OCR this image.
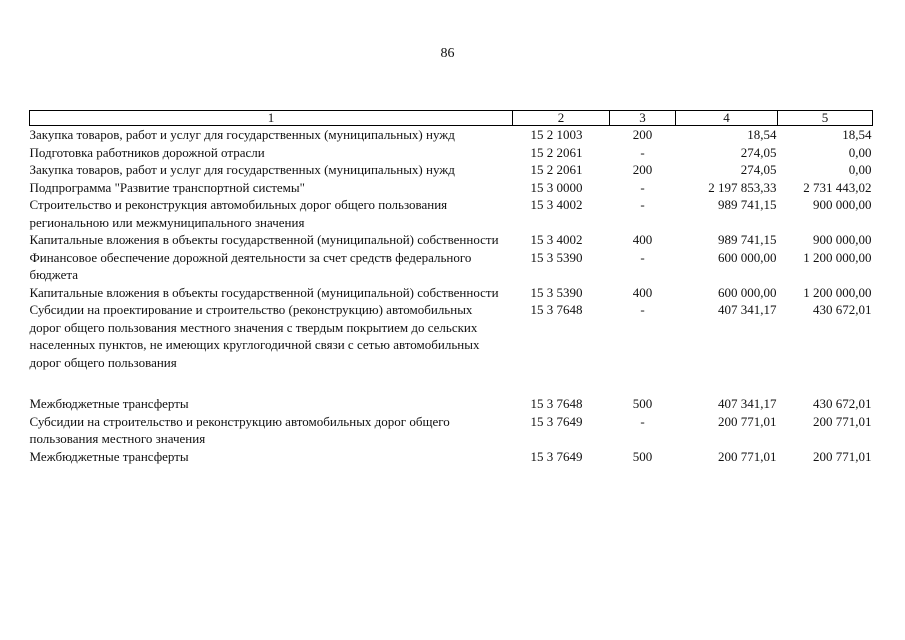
86
1	2	3	4	5
Закупка товаров, работ и услуг для государственных (муниципальных) нужд	15 2 1003	200	18,54	18,54
Подготовка работников дорожной отрасли	15 2 2061	-	274,05	0,00
Закупка товаров, работ и услуг для государственных (муниципальных) нужд	15 2 2061	200	274,05	0,00
Подпрограмма "Развитие транспортной системы"	15 3 0000	-	2 197 853,33	2 731 443,02
Строительство и реконструкция автомобильных дорог общего пользования региональною или межмуниципального значения	15 3 4002	-	989 741,15	900 000,00
Капитальные вложения в объекты государственной (муниципальной) собственности	15 3 4002	400	989 741,15	900 000,00
Финансовое обеспечение дорожной деятельности за счет средств федерального бюджета	15 3 5390	-	600 000,00	1 200 000,00
Капитальные вложения в объекты государственной (муниципальной) собственности	15 3 5390	400	600 000,00	1 200 000,00
Субсидии на проектирование и строительство (реконструкцию) автомобильных дорог общего пользования местного значения с твердым покрытием до сельских населенных пунктов, не имеющих круглогодичной связи с сетью автомобильных дорог общего пользования	15 3 7648	-	407 341,17	430 672,01

Межбюджетные трансферты	15 3 7648	500	407 341,17	430 672,01
Субсидии на строительство и реконструкцию автомобильных дорог общего пользования местного значения	15 3 7649	-	200 771,01	200 771,01
Межбюджетные трансферты	15 3 7649	500	200 771,01	200 771,01
